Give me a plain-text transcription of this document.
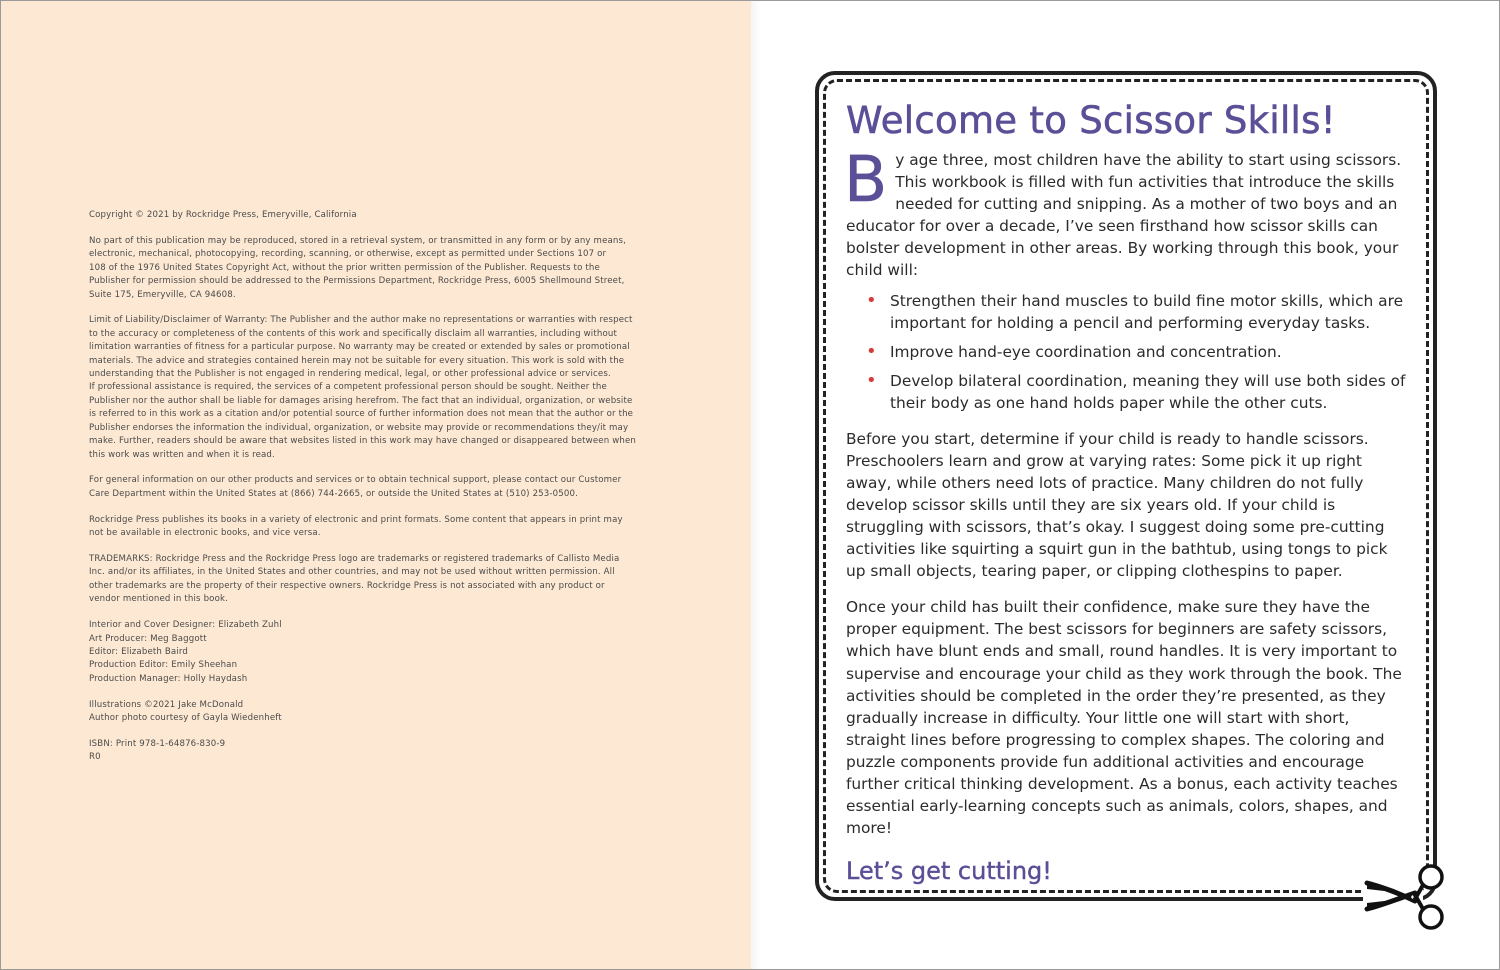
Copyright © 2021 by Rockridge Press, Emeryville, California

No part of this publication may be reproduced, stored in a retrieval system, or transmitted in any form or by any means,
electronic, mechanical, photocopying, recording, scanning, or otherwise, except as permitted under Sections 107 or
108 of the 1976 United States Copyright Act, without the prior written permission of the Publisher. Requests to the
Publisher for permission should be addressed to the Permissions Department, Rockridge Press, 6005 Shellmound Street,
Suite 175, Emeryville, CA 94608.

Limit of Liability/Disclaimer of Warranty: The Publisher and the author make no representations or warranties with respect
to the accuracy or completeness of the contents of this work and specifically disclaim all warranties, including without
limitation warranties of fitness for a particular purpose. No warranty may be created or extended by sales or promotional
materials. The advice and strategies contained herein may not be suitable for every situation. This work is sold with the
understanding that the Publisher is not engaged in rendering medical, legal, or other professional advice or services.
If professional assistance is required, the services of a competent professional person should be sought. Neither the
Publisher nor the author shall be liable for damages arising herefrom. The fact that an individual, organization, or website
is referred to in this work as a citation and/or potential source of further information does not mean that the author or the
Publisher endorses the information the individual, organization, or website may provide or recommendations they/it may
make. Further, readers should be aware that websites listed in this work may have changed or disappeared between when
this work was written and when it is read.

For general information on our other products and services or to obtain technical support, please contact our Customer
Care Department within the United States at (866) 744-2665, or outside the United States at (510) 253-0500.

Rockridge Press publishes its books in a variety of electronic and print formats. Some content that appears in print may
not be available in electronic books, and vice versa.

TRADEMARKS: Rockridge Press and the Rockridge Press logo are trademarks or registered trademarks of Callisto Media
Inc. and/or its affiliates, in the United States and other countries, and may not be used without written permission. All
other trademarks are the property of their respective owners. Rockridge Press is not associated with any product or
vendor mentioned in this book.

Interior and Cover Designer: Elizabeth Zuhl
Art Producer: Meg Baggott
Editor: Elizabeth Baird
Production Editor: Emily Sheehan
Production Manager: Holly Haydash

Illustrations ©2021 Jake McDonald
Author photo courtesy of Gayla Wiedenheft

ISBN: Print 978-1-64876-830-9
R0

Welcome to Scissor Skills!
By age three, most children have the ability to start using scissors. This workbook is filled with fun activities that introduce the skills needed for cutting and snipping. As a mother of two boys and an educator for over a decade, I’ve seen firsthand how scissor skills can bolster development in other areas. By working through this book, your child will:
• Strengthen their hand muscles to build fine motor skills, which are important for holding a pencil and performing everyday tasks.
• Improve hand-eye coordination and concentration.
• Develop bilateral coordination, meaning they will use both sides of their body as one hand holds paper while the other cuts.

Before you start, determine if your child is ready to handle scissors. Preschoolers learn and grow at varying rates: Some pick it up right away, while others need lots of practice. Many children do not fully develop scissor skills until they are six years old. If your child is struggling with scissors, that’s okay. I suggest doing some pre-cutting activities like squirting a squirt gun in the bathtub, using tongs to pick up small objects, tearing paper, or clipping clothespins to paper.

Once your child has built their confidence, make sure they have the proper equipment. The best scissors for beginners are safety scissors, which have blunt ends and small, round handles. It is very important to supervise and encourage your child as they work through the book. The activities should be completed in the order they’re presented, as they gradually increase in difficulty. Your little one will start with short, straight lines before progressing to complex shapes. The coloring and puzzle components provide fun additional activities and encourage further critical thinking development. As a bonus, each activity teaches essential early-learning concepts such as animals, colors, shapes, and more!

Let’s get cutting!
